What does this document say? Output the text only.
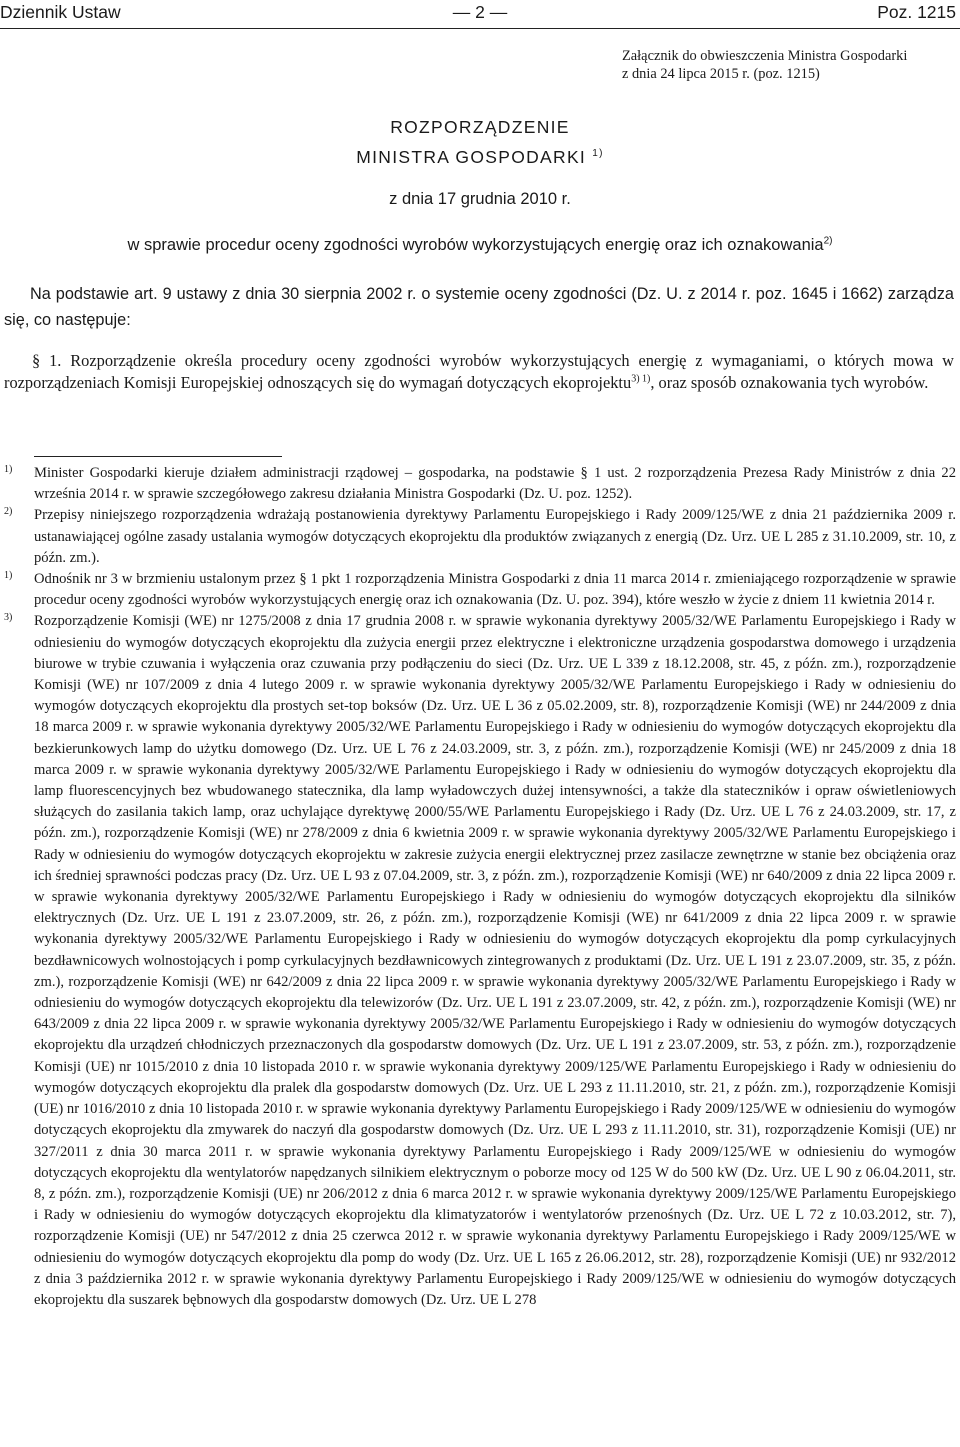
Dziennik Ustaw	— 2 —	Poz. 1215
Załącznik do obwieszczenia Ministra Gospodarki
z dnia 24 lipca 2015 r. (poz. 1215)
ROZPORZĄDZENIE
MINISTRA GOSPODARKI $^{1)}$
z dnia 17 grudnia 2010 r.
w sprawie procedur oceny zgodności wyrobów wykorzystujących energię oraz ich oznakowania$^{2)}$
Na podstawie art. 9 ustawy z dnia 30 sierpnia 2002 r. o systemie oceny zgodności (Dz. U. z 2014 r. poz. 1645 i 1662) zarządza się, co następuje:
§ 1. Rozporządzenie określa procedury oceny zgodności wyrobów wykorzystujących energię z wymaganiami, o których mowa w rozporządzeniach Komisji Europejskiej odnoszących się do wymagań dotyczących ekoprojektu$^{3) 1)}$, oraz sposób oznakowania tych wyrobów.
1) Minister Gospodarki kieruje działem administracji rządowej – gospodarka, na podstawie § 1 ust. 2 rozporządzenia Prezesa Rady Ministrów z dnia 22 września 2014 r. w sprawie szczegółowego zakresu działania Ministra Gospodarki (Dz. U. poz. 1252).
2) Przepisy niniejszego rozporządzenia wdrażają postanowienia dyrektywy Parlamentu Europejskiego i Rady 2009/125/WE z dnia 21 października 2009 r. ustanawiającej ogólne zasady ustalania wymogów dotyczących ekoprojektu dla produktów związanych z energią (Dz. Urz. UE L 285 z 31.10.2009, str. 10, z późn. zm.).
1) Odnośnik nr 3 w brzmieniu ustalonym przez § 1 pkt 1 rozporządzenia Ministra Gospodarki z dnia 11 marca 2014 r. zmieniającego rozporządzenie w sprawie procedur oceny zgodności wyrobów wykorzystujących energię oraz ich oznakowania (Dz. U. poz. 394), które weszło w życie z dniem 11 kwietnia 2014 r.
3) Rozporządzenie Komisji (WE) nr 1275/2008 z dnia 17 grudnia 2008 r. w sprawie wykonania dyrektywy 2005/32/WE Parlamentu Europejskiego i Rady w odniesieniu do wymogów dotyczących ekoprojektu dla zużycia energii przez elektryczne i elektroniczne urządzenia gospodarstwa domowego i urządzenia biurowe w trybie czuwania i wyłączenia oraz czuwania przy podłączeniu do sieci (Dz. Urz. UE L 339 z 18.12.2008, str. 45, z późn. zm.), rozporządzenie Komisji (WE) nr 107/2009 z dnia 4 lutego 2009 r. w sprawie wykonania dyrektywy 2005/32/WE Parlamentu Europejskiego i Rady w odniesieniu do wymogów dotyczących ekoprojektu dla prostych set-top boksów (Dz. Urz. UE L 36 z 05.02.2009, str. 8), rozporządzenie Komisji (WE) nr 244/2009 z dnia 18 marca 2009 r. w sprawie wykonania dyrektywy 2005/32/WE Parlamentu Europejskiego i Rady w odniesieniu do wymogów dotyczących ekoprojektu dla bezkierunkowych lamp do użytku domowego (Dz. Urz. UE L 76 z 24.03.2009, str. 3, z późn. zm.), rozporządzenie Komisji (WE) nr 245/2009 z dnia 18 marca 2009 r. w sprawie wykonania dyrektywy 2005/32/WE Parlamentu Europejskiego i Rady w odniesieniu do wymogów dotyczących ekoprojektu dla lamp fluorescencyjnych bez wbudowanego statecznika, dla lamp wyładowczych dużej intensywności, a także dla stateczników i opraw oświetleniowych służących do zasilania takich lamp, oraz uchylające dyrektywę 2000/55/WE Parlamentu Europejskiego i Rady (Dz. Urz. UE L 76 z 24.03.2009, str. 17, z późn. zm.), rozporządzenie Komisji (WE) nr 278/2009 z dnia 6 kwietnia 2009 r. w sprawie wykonania dyrektywy 2005/32/WE Parlamentu Europejskiego i Rady w odniesieniu do wymogów dotyczących ekoprojektu w zakresie zużycia energii elektrycznej przez zasilacze zewnętrzne w stanie bez obciążenia oraz ich średniej sprawności podczas pracy (Dz. Urz. UE L 93 z 07.04.2009, str. 3, z późn. zm.), rozporządzenie Komisji (WE) nr 640/2009 z dnia 22 lipca 2009 r. w sprawie wykonania dyrektywy 2005/32/WE Parlamentu Europejskiego i Rady w odniesieniu do wymogów dotyczących ekoprojektu dla silników elektrycznych (Dz. Urz. UE L 191 z 23.07.2009, str. 26, z późn. zm.), rozporządzenie Komisji (WE) nr 641/2009 z dnia 22 lipca 2009 r. w sprawie wykonania dyrektywy 2005/32/WE Parlamentu Europejskiego i Rady w odniesieniu do wymogów dotyczących ekoprojektu dla pomp cyrkulacyjnych bezdławnicowych wolnostojących i pomp cyrkulacyjnych bezdławnicowych zintegrowanych z produktami (Dz. Urz. UE L 191 z 23.07.2009, str. 35, z późn. zm.), rozporządzenie Komisji (WE) nr 642/2009 z dnia 22 lipca 2009 r. w sprawie wykonania dyrektywy 2005/32/WE Parlamentu Europejskiego i Rady w odniesieniu do wymogów dotyczących ekoprojektu dla telewizorów (Dz. Urz. UE L 191 z 23.07.2009, str. 42, z późn. zm.), rozporządzenie Komisji (WE) nr 643/2009 z dnia 22 lipca 2009 r. w sprawie wykonania dyrektywy 2005/32/WE Parlamentu Europejskiego i Rady w odniesieniu do wymogów dotyczących ekoprojektu dla urządzeń chłodniczych przeznaczonych dla gospodarstw domowych (Dz. Urz. UE L 191 z 23.07.2009, str. 53, z późn. zm.), rozporządzenie Komisji (UE) nr 1015/2010 z dnia 10 listopada 2010 r. w sprawie wykonania dyrektywy 2009/125/WE Parlamentu Europejskiego i Rady w odniesieniu do wymogów dotyczących ekoprojektu dla pralek dla gospodarstw domowych (Dz. Urz. UE L 293 z 11.11.2010, str. 21, z późn. zm.), rozporządzenie Komisji (UE) nr 1016/2010 z dnia 10 listopada 2010 r. w sprawie wykonania dyrektywy Parlamentu Europejskiego i Rady 2009/125/WE w odniesieniu do wymogów dotyczących ekoprojektu dla zmywarek do naczyń dla gospodarstw domowych (Dz. Urz. UE L 293 z 11.11.2010, str. 31), rozporządzenie Komisji (UE) nr 327/2011 z dnia 30 marca 2011 r. w sprawie wykonania dyrektywy Parlamentu Europejskiego i Rady 2009/125/WE w odniesieniu do wymogów dotyczących ekoprojektu dla wentylatorów napędzanych silnikiem elektrycznym o poborze mocy od 125 W do 500 kW (Dz. Urz. UE L 90 z 06.04.2011, str. 8, z późn. zm.), rozporządzenie Komisji (UE) nr 206/2012 z dnia 6 marca 2012 r. w sprawie wykonania dyrektywy 2009/125/WE Parlamentu Europejskiego i Rady w odniesieniu do wymogów dotyczących ekoprojektu dla klimatyzatorów i wentylatorów przenośnych (Dz. Urz. UE L 72 z 10.03.2012, str. 7), rozporządzenie Komisji (UE) nr 547/2012 z dnia 25 czerwca 2012 r. w sprawie wykonania dyrektywy Parlamentu Europejskiego i Rady 2009/125/WE w odniesieniu do wymogów dotyczących ekoprojektu dla pomp do wody (Dz. Urz. UE L 165 z 26.06.2012, str. 28), rozporządzenie Komisji (UE) nr 932/2012 z dnia 3 października 2012 r. w sprawie wykonania dyrektywy Parlamentu Europejskiego i Rady 2009/125/WE w odniesieniu do wymogów dotyczących ekoprojektu dla suszarek bębnowych dla gospodarstw domowych (Dz. Urz. UE L 278
